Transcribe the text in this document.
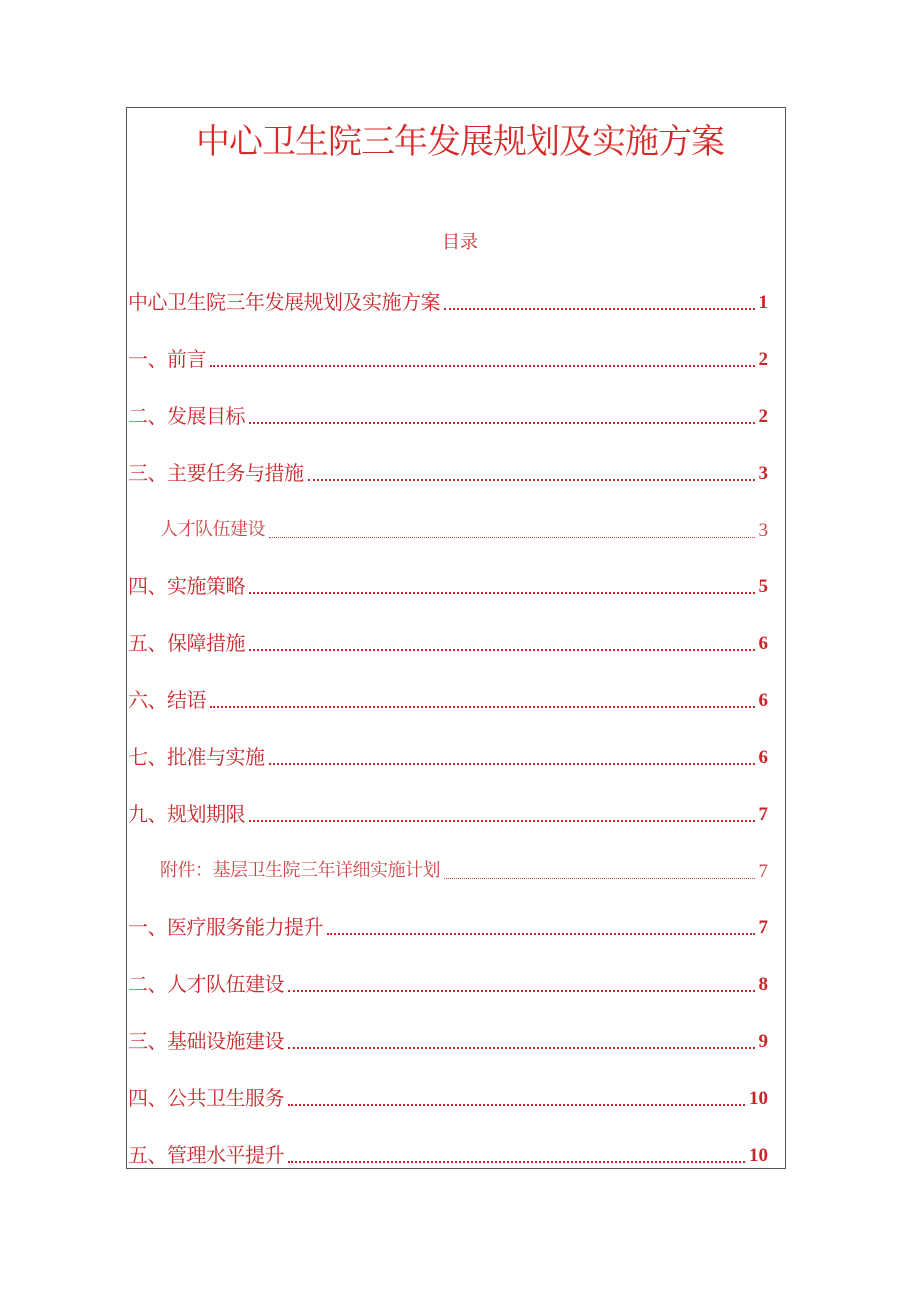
中心卫生院三年发展规划及实施方案
目录
中心卫生院三年发展规划及实施方案	1
一、前言	2
二、发展目标	2
三、主要任务与措施	3
人才队伍建设	3
四、实施策略	5
五、保障措施	6
六、结语	6
七、批准与实施	6
九、规划期限	7
附件：基层卫生院三年详细实施计划	7
一、医疗服务能力提升	7
二、人才队伍建设	8
三、基础设施建设	9
四、公共卫生服务	10
五、管理水平提升	10
